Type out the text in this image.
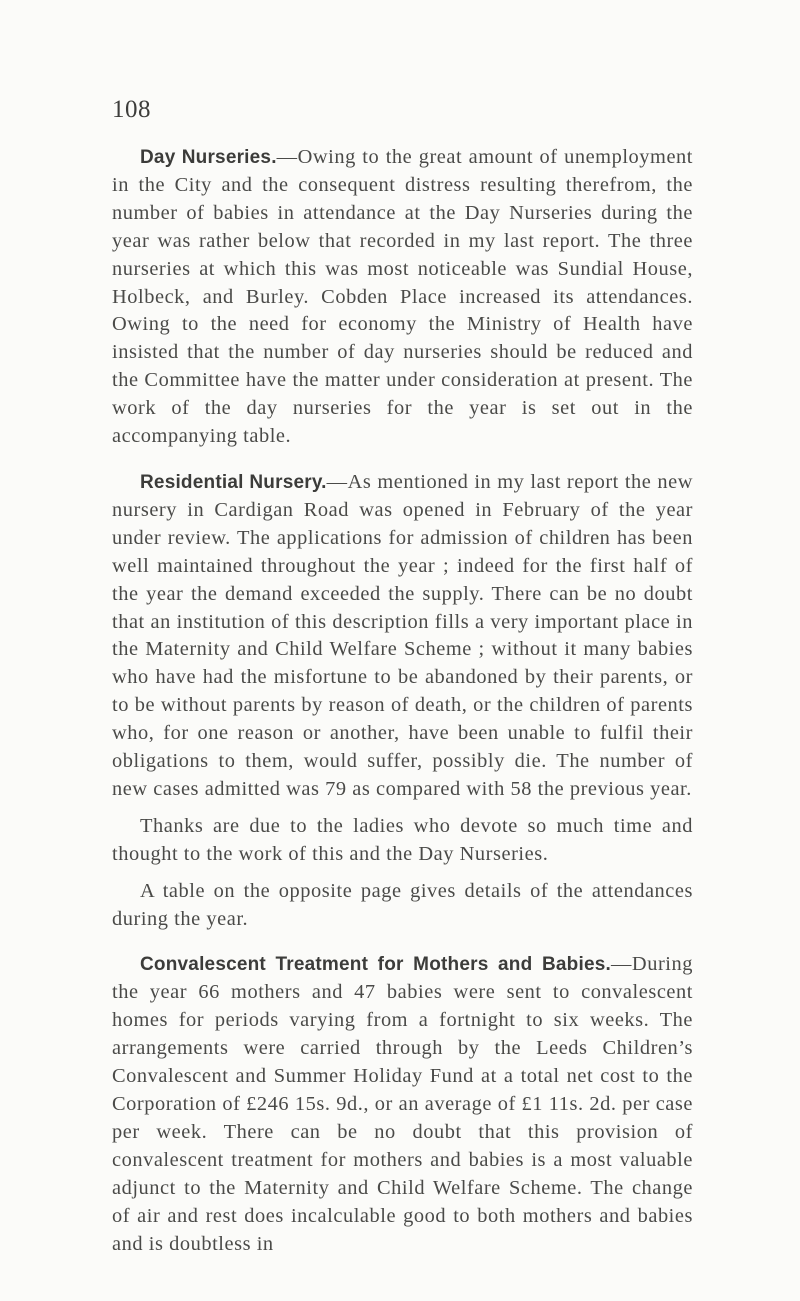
108

Day Nurseries.—Owing to the great amount of unemployment in the City and the consequent distress resulting therefrom, the number of babies in attendance at the Day Nurseries during the year was rather below that recorded in my last report. The three nurseries at which this was most noticeable was Sundial House, Holbeck, and Burley. Cobden Place increased its attendances. Owing to the need for economy the Ministry of Health have insisted that the number of day nurseries should be reduced and the Committee have the matter under consideration at present. The work of the day nurseries for the year is set out in the accompanying table.

Residential Nursery.—As mentioned in my last report the new nursery in Cardigan Road was opened in February of the year under review. The applications for admission of children has been well maintained throughout the year ; indeed for the first half of the year the demand exceeded the supply. There can be no doubt that an institution of this description fills a very important place in the Maternity and Child Welfare Scheme ; without it many babies who have had the misfortune to be abandoned by their parents, or to be without parents by reason of death, or the children of parents who, for one reason or another, have been unable to fulfil their obligations to them, would suffer, possibly die. The number of new cases admitted was 79 as compared with 58 the previous year.

Thanks are due to the ladies who devote so much time and thought to the work of this and the Day Nurseries.

A table on the opposite page gives details of the attendances during the year.

Convalescent Treatment for Mothers and Babies.—During the year 66 mothers and 47 babies were sent to convalescent homes for periods varying from a fortnight to six weeks. The arrangements were carried through by the Leeds Children’s Convalescent and Summer Holiday Fund at a total net cost to the Corporation of £246 15s. 9d., or an average of £1 11s. 2d. per case per week. There can be no doubt that this provision of convalescent treatment for mothers and babies is a most valuable adjunct to the Maternity and Child Welfare Scheme. The change of air and rest does incalculable good to both mothers and babies and is doubtless in
